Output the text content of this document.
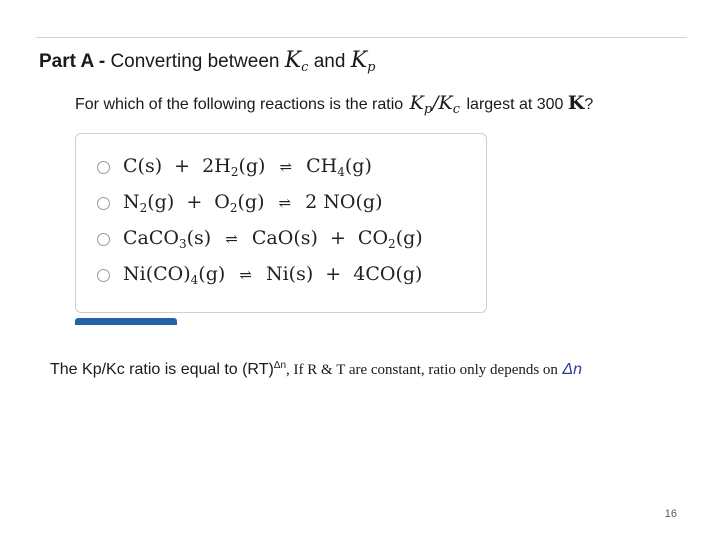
Part A - Converting between $K_c$ and $K_p$
For which of the following reactions is the ratio $K_p/K_c$ largest at 300 K?
$C(s) + 2H_2(g)$ ⇌ $CH_4(g)$
$N_2(g) + O_2(g)$ ⇌ 2 NO(g)
CaCO$_3$(s) ⇌ $CaO(s) + CO_2(g)$
$Ni(CO)_4(g)$ ⇌ Ni(s) + 4CO(g)
The Kp/Kc ratio is equal to (RT)$^{\Delta n}$, If R & T are constant, ratio only depends on Δn
16
